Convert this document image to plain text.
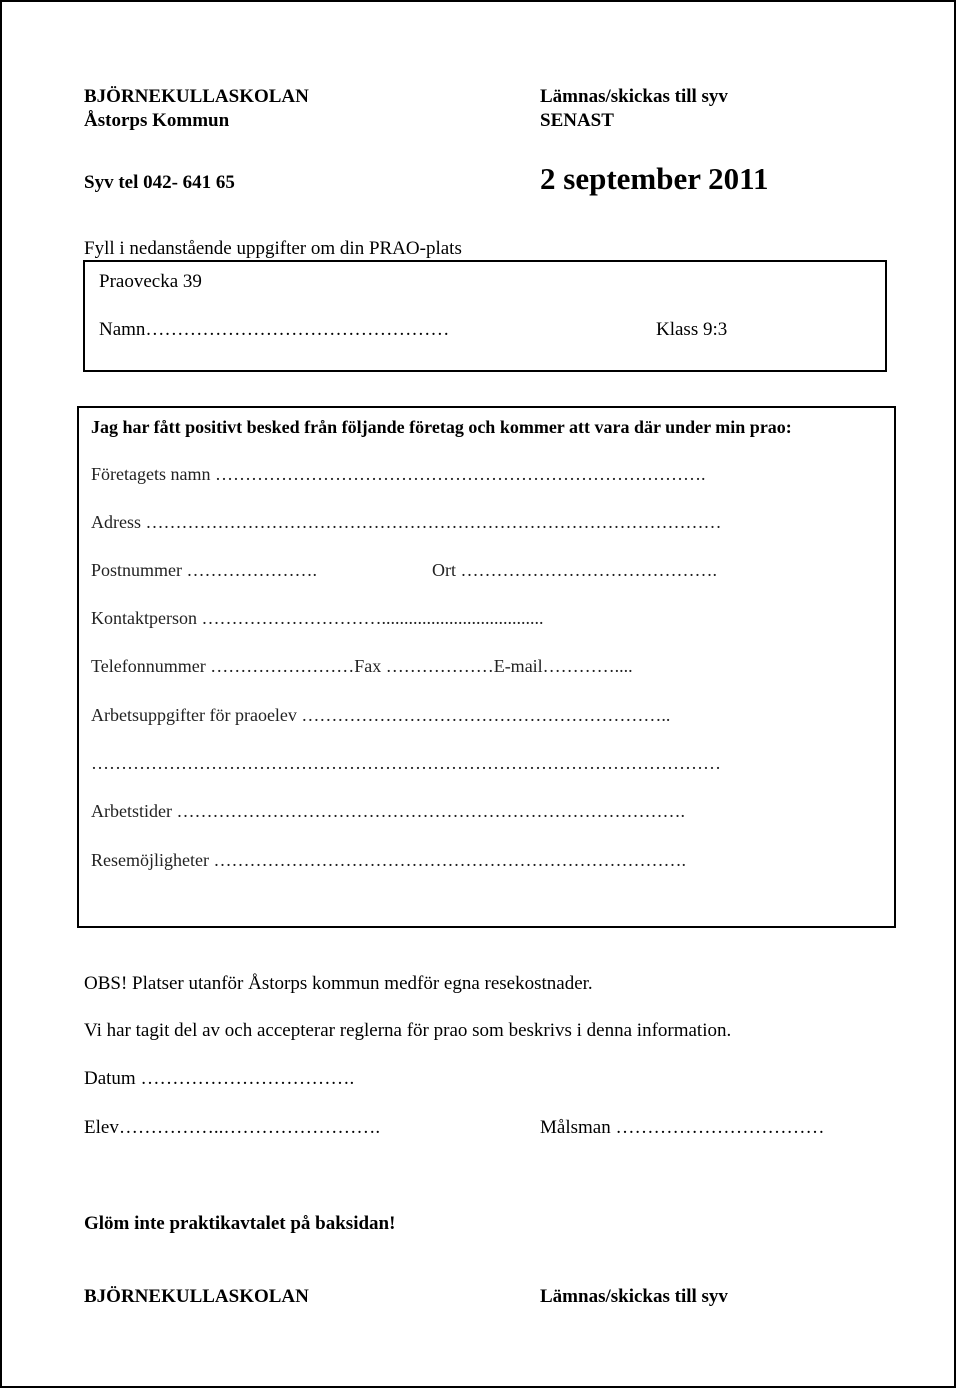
BJÖRNEKULLASKOLAN
Åstorps Kommun
Lämnas/skickas till syv
SENAST
Syv tel 042- 641 65	2 september 2011
Fyll i nedanstående uppgifter om din PRAO-plats
Praovecka 39
Namn…………………………………………	Klass 9:3
Jag har fått positivt besked från följande företag och kommer att vara där under min prao:
Företagets namn ……………………………………………………………………….
Adress ……………………………………………………………………………………
Postnummer ………………….	Ort …………………………………….
Kontaktperson …………………………....................................
Telefonnummer ……………………Fax ………………E-mail…………....
Arbetsuppgifter för praoelev ……………………………………………………..
……………………………………………………………………………………………
Arbetstider ………………………………………………………………………….
Resemöjligheter …………………………………………………………………….
OBS! Platser utanför Åstorps kommun medför egna resekostnader.
Vi har tagit del av och accepterar reglerna för prao som beskrivs i denna information.
Datum …………………………….
Elev……………..…………………….	Målsman ……………………………
Glöm inte praktikavtalet på baksidan!
BJÖRNEKULLASKOLAN	Lämnas/skickas till syv
